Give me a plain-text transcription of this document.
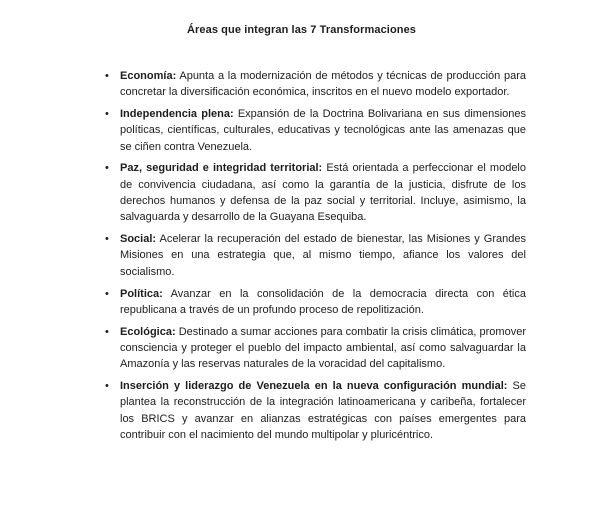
Áreas que integran las 7 Transformaciones
•	Economía: Apunta a la modernización de métodos y técnicas de producción para concretar la diversificación económica, inscritos en el nuevo modelo exportador.
•	Independencia plena: Expansión de la Doctrina Bolivariana en sus dimensiones políticas, científicas, culturales, educativas y tecnológicas ante las amenazas que se ciñen contra Venezuela.
•	Paz, seguridad e integridad territorial: Está orientada a perfeccionar el modelo de convivencia ciudadana, así como la garantía de la justicia, disfrute de los derechos humanos y defensa de la paz social y territorial. Incluye, asimismo, la salvaguarda y desarrollo de la Guayana Esequiba.
•	Social: Acelerar la recuperación del estado de bienestar, las Misiones y Grandes Misiones en una estrategia que, al mismo tiempo, afiance los valores del socialismo.
•	Política: Avanzar en la consolidación de la democracia directa con ética republicana a través de un profundo proceso de repolitización.
•	Ecológica: Destinado a sumar acciones para combatir la crisis climática, promover consciencia y proteger el pueblo del impacto ambiental, así como salvaguardar la Amazonía y las reservas naturales de la voracidad del capitalismo.
•	Inserción y liderazgo de Venezuela en la nueva configuración mundial: Se plantea la reconstrucción de la integración latinoamericana y caribeña, fortalecer los BRICS y avanzar en alianzas estratégicas con países emergentes para contribuir con el nacimiento del mundo multipolar y pluricéntrico.
